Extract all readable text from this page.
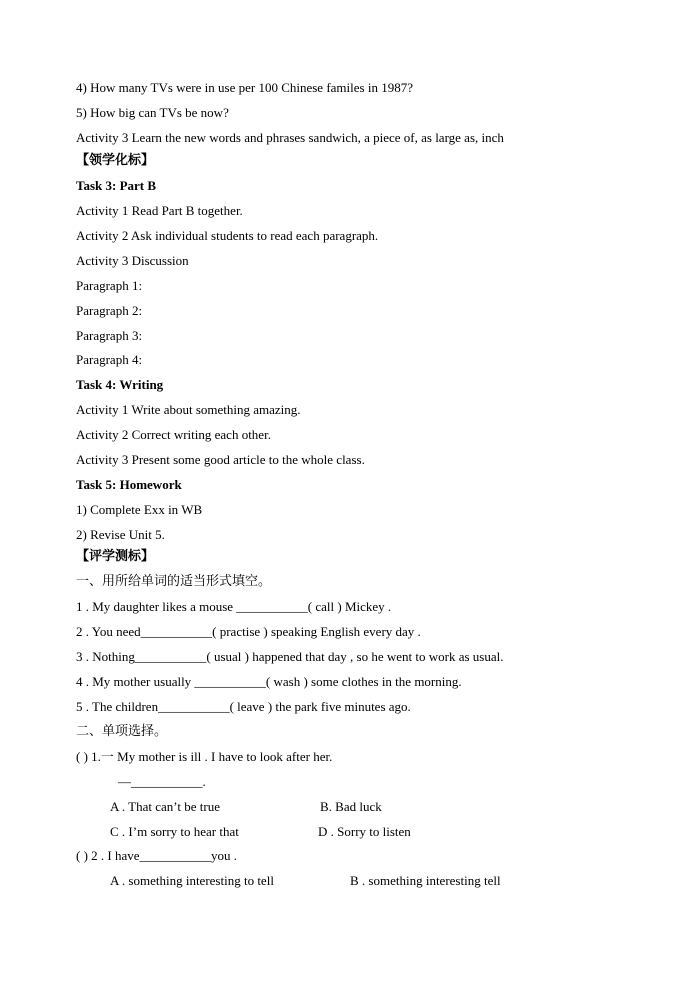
4) How many TVs were in use per 100 Chinese familes in 1987?
5) How big can TVs be now?
Activity 3 Learn the new words and phrases sandwich, a piece of, as large as, inch
【领学化标】
Task 3: Part B
Activity 1 Read Part B together.
Activity 2 Ask individual students to read each paragraph.
Activity 3 Discussion
Paragraph 1:
Paragraph 2:
Paragraph 3:
Paragraph 4:
Task 4: Writing
Activity 1 Write about something amazing.
Activity 2 Correct writing each other.
Activity 3 Present some good article to the whole class.
Task 5: Homework
1) Complete Exx in WB
2) Revise Unit 5.
【评学测标】
一、用所给单词的适当形式填空。
1 . My daughter likes a mouse ___________( call ) Mickey .
2 . You need___________( practise ) speaking English every day .
3 . Nothing___________( usual ) happened that day , so he went to work as usual.
4 . My mother usually ___________( wash ) some clothes in the morning.
5 . The children___________( leave ) the park five minutes ago.
二、单项选择。
( ) 1.一 My mother is ill . I have to look after her.
—___________.
A . That can’t be true	B. Bad luck
C . I’m sorry to hear that	D . Sorry to listen
( ) 2 . I have___________you .
A . something interesting to tell	B . something interesting tell
